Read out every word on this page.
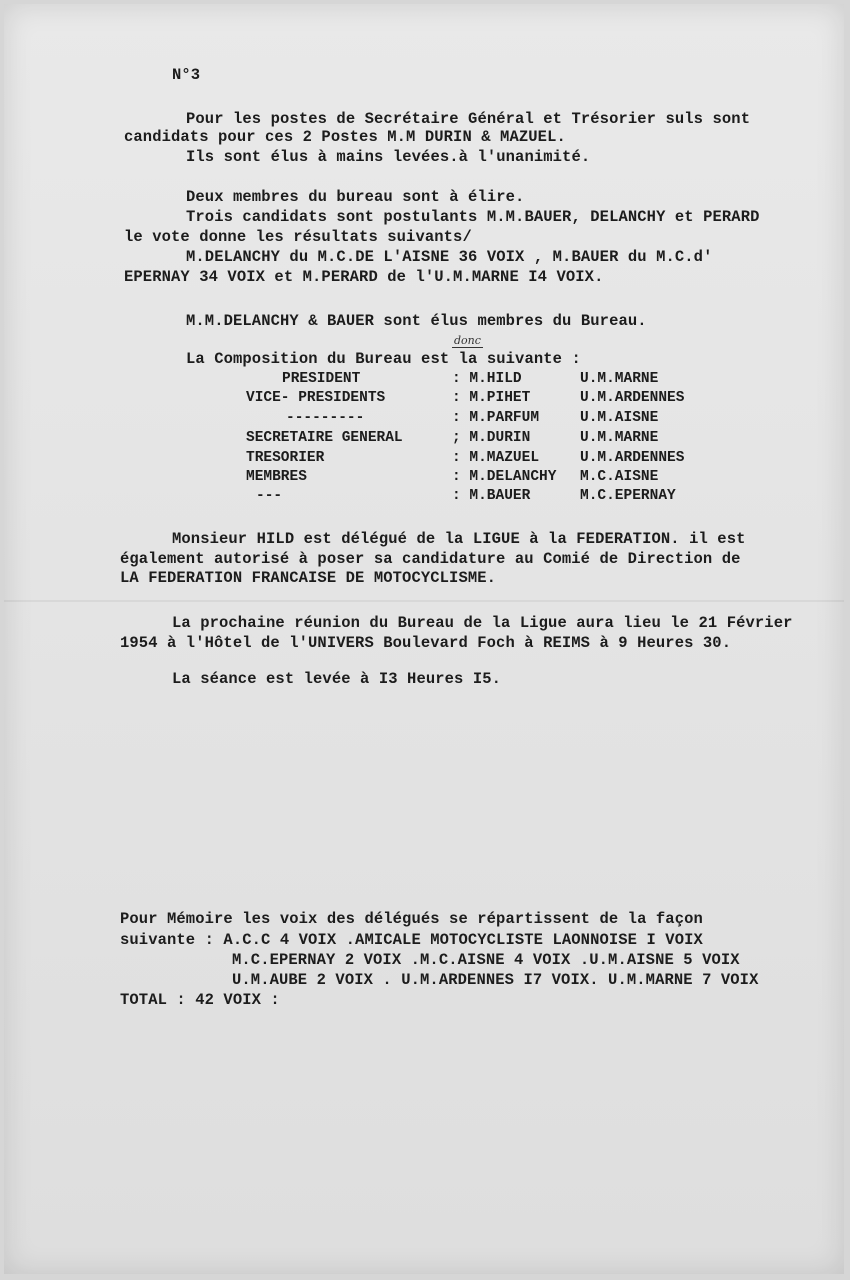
N°3
Pour les postes de Secrétaire Général et Trésorier suls sont
candidats pour ces 2 Postes M.M DURIN & MAZUEL.
Ils sont élus à mains levées.à l'unanimité.
Deux membres du bureau sont à élire.
Trois candidats sont postulants M.M.BAUER, DELANCHY et PERARD
le vote donne les résultats suivants/
M.DELANCHY du M.C.DE L'AISNE 36 VOIX , M.BAUER du M.C.d'
EPERNAY 34 VOIX et M.PERARD de l'U.M.MARNE I4 VOIX.
M.M.DELANCHY & BAUER sont élus membres du Bureau.
donc
La Composition du Bureau est la suivante :
PRESIDENT	: M.HILD	U.M.MARNE
VICE- PRESIDENTS	: M.PIHET	U.M.ARDENNES
---------	: M.PARFUM	U.M.AISNE
SECRETAIRE GENERAL	; M.DURIN	U.M.MARNE
TRESORIER	: M.MAZUEL	U.M.ARDENNES
MEMBRES	: M.DELANCHY M.C.AISNE
---	: M.BAUER	M.C.EPERNAY
Monsieur HILD est délégué de la LIGUE à la FEDERATION. il est
également autorisé à poser sa candidature au Comié de Direction de
LA FEDERATION FRANCAISE DE MOTOCYCLISME.
La prochaine réunion du Bureau de la Ligue aura lieu le 21 Février
1954 à l'Hôtel de l'UNIVERS Boulevard Foch à REIMS à 9 Heures 30.
La séance est levée à I3 Heures I5.
Pour Mémoire les voix des délégués se répartissent de la façon
suivante : A.C.C 4 VOIX .AMICALE MOTOCYCLISTE LAONNOISE I VOIX
M.C.EPERNAY 2 VOIX .M.C.AISNE 4 VOIX .U.M.AISNE 5 VOIX
U.M.AUBE 2 VOIX . U.M.ARDENNES I7 VOIX. U.M.MARNE 7 VOIX
TOTAL : 42 VOIX :
